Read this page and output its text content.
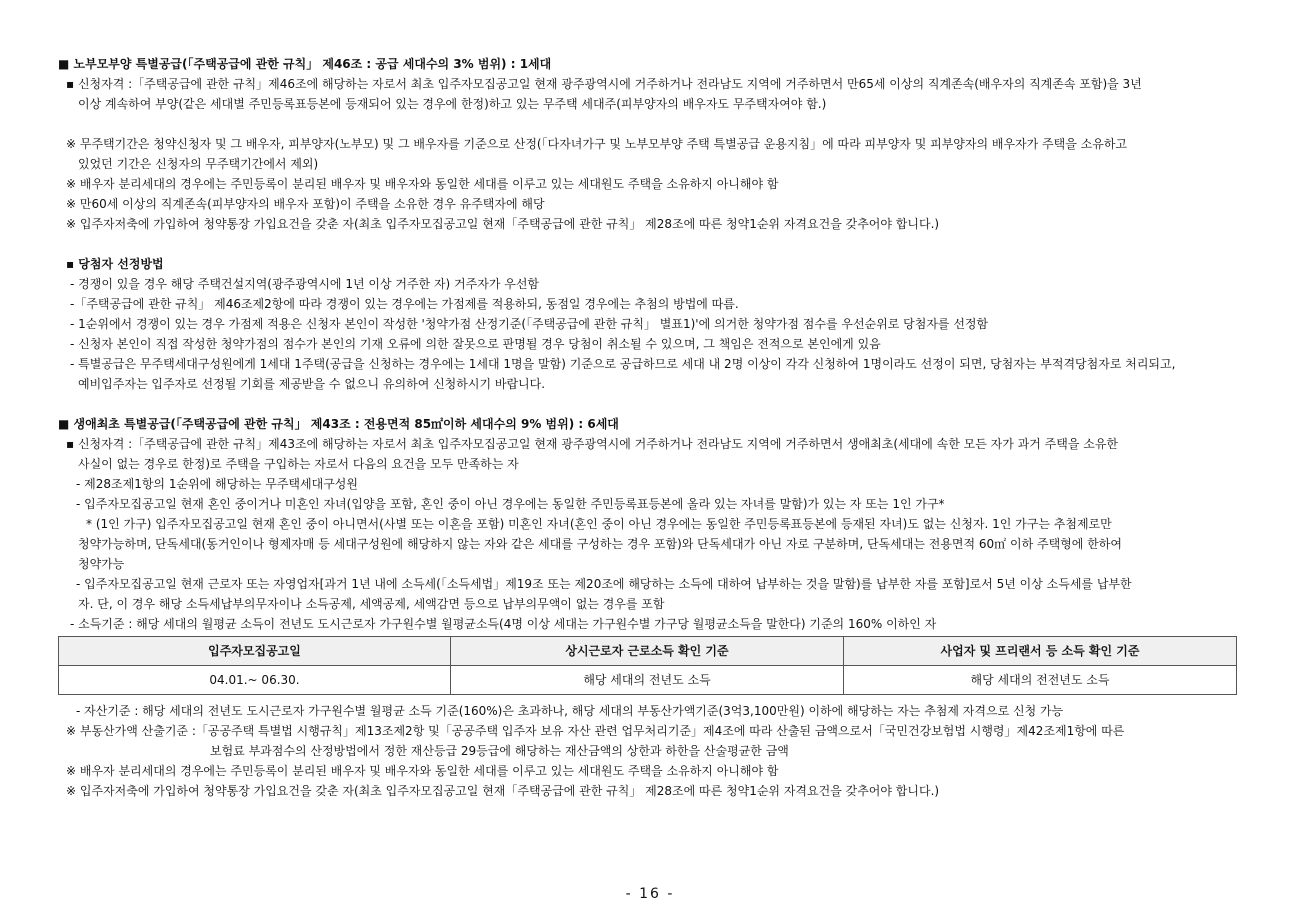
■ 노부모부양 특별공급(「주택공급에 관한 규칙」 제46조 : 공급 세대수의 3% 범위) : 1세대
▪ 신청자격 :「주택공급에 관한 규칙」제46조에 해당하는 자로서 최초 입주자모집공고일 현재 광주광역시에 거주하거나 전라남도 지역에 거주하면서 만65세 이상의 직계존속(배우자의 직계존속 포함)을 3년
이상 계속하여 부양(같은 세대별 주민등록표등본에 등재되어 있는 경우에 한정)하고 있는 무주택 세대주(피부양자의 배우자도 무주택자여야 함.)
※ 무주택기간은 청약신청자 및 그 배우자, 피부양자(노부모) 및 그 배우자를 기준으로 산정(「다자녀가구 및 노부모부양 주택 특별공급 운용지침」에 따라 피부양자 및 피부양자의 배우자가 주택을 소유하고
있었던 기간은 신청자의 무주택기간에서 제외)
※ 배우자 분리세대의 경우에는 주민등록이 분리된 배우자 및 배우자와 동일한 세대를 이루고 있는 세대원도 주택을 소유하지 아니해야 함
※ 만60세 이상의 직계존속(피부양자의 배우자 포함)이 주택을 소유한 경우 유주택자에 해당
※ 입주자저축에 가입하여 청약통장 가입요건을 갖춘 자(최초 입주자모집공고일 현재「주택공급에 관한 규칙」 제28조에 따른 청약1순위 자격요건을 갖추어야 합니다.)
▪ 당첨자 선정방법
- 경쟁이 있을 경우 해당 주택건설지역(광주광역시에 1년 이상 거주한 자) 거주자가 우선함
-「주택공급에 관한 규칙」 제46조제2항에 따라 경쟁이 있는 경우에는 가점제를 적용하되, 동점일 경우에는 추첨의 방법에 따름.
- 1순위에서 경쟁이 있는 경우 가점제 적용은 신청자 본인이 작성한 '청약가점 산정기준(「주택공급에 관한 규칙」 별표1)'에 의거한 청약가점 점수를 우선순위로 당첨자를 선정함
- 신청자 본인이 직접 작성한 청약가점의 점수가 본인의 기재 오류에 의한 잘못으로 판명될 경우 당첨이 취소될 수 있으며, 그 책임은 전적으로 본인에게 있음
- 특별공급은 무주택세대구성원에게 1세대 1주택(공급을 신청하는 경우에는 1세대 1명을 말함) 기준으로 공급하므로 세대 내 2명 이상이 각각 신청하여 1명이라도 선정이 되면, 당첨자는 부적격당첨자로 처리되고,
예비입주자는 입주자로 선정될 기회를 제공받을 수 없으니 유의하여 신청하시기 바랍니다.
■ 생애최초 특별공급(「주택공급에 관한 규칙」 제43조 : 전용면적 85㎡이하 세대수의 9% 범위) : 6세대
▪ 신청자격 :「주택공급에 관한 규칙」제43조에 해당하는 자로서 최초 입주자모집공고일 현재 광주광역시에 거주하거나 전라남도 지역에 거주하면서 생애최초(세대에 속한 모든 자가 과거 주택을 소유한
사실이 없는 경우로 한정)로 주택을 구입하는 자로서 다음의 요건을 모두 만족하는 자
- 제28조제1항의 1순위에 해당하는 무주택세대구성원
- 입주자모집공고일 현재 혼인 중이거나 미혼인 자녀(입양을 포함, 혼인 중이 아닌 경우에는 동일한 주민등록표등본에 올라 있는 자녀를 말함)가 있는 자 또는 1인 가구*
* (1인 가구) 입주자모집공고일 현재 혼인 중이 아니면서(사별 또는 이혼을 포함) 미혼인 자녀(혼인 중이 아닌 경우에는 동일한 주민등록표등본에 등재된 자녀)도 없는 신청자. 1인 가구는 추첨제로만
청약가능하며, 단독세대(동거인이나 형제자매 등 세대구성원에 해당하지 않는 자와 같은 세대를 구성하는 경우 포함)와 단독세대가 아닌 자로 구분하며, 단독세대는 전용면적 60㎡ 이하 주택형에 한하여
청약가능
- 입주자모집공고일 현재 근로자 또는 자영업자[과거 1년 내에 소득세(「소득세법」제19조 또는 제20조에 해당하는 소득에 대하여 납부하는 것을 말함)를 납부한 자를 포함]로서 5년 이상 소득세를 납부한
자. 단, 이 경우 해당 소득세납부의무자이나 소득공제, 세액공제, 세액감면 등으로 납부의무액이 없는 경우를 포함
- 소득기준 : 해당 세대의 월평균 소득이 전년도 도시근로자 가구원수별 월평균소득(4명 이상 세대는 가구원수별 가구당 월평균소득을 말한다) 기준의 160% 이하인 자
입주자모집공고일	상시근로자 근로소득 확인 기준	사업자 및 프리랜서 등 소득 확인 기준
04.01.~ 06.30.	해당 세대의 전년도 소득	해당 세대의 전전년도 소득
- 자산기준 : 해당 세대의 전년도 도시근로자 가구원수별 월평균 소득 기준(160%)은 초과하나, 해당 세대의 부동산가액기준(3억3,100만원) 이하에 해당하는 자는 추첨제 자격으로 신청 가능
※ 부동산가액 산출기준 :「공공주택 특별법 시행규칙」제13조제2항 및「공공주택 입주자 보유 자산 관련 업무처리기준」제4조에 따라 산출된 금액으로서「국민건강보험법 시행령」제42조제1항에 따른
보험료 부과점수의 산정방법에서 정한 재산등급 29등급에 해당하는 재산금액의 상한과 하한을 산술평균한 금액
※ 배우자 분리세대의 경우에는 주민등록이 분리된 배우자 및 배우자와 동일한 세대를 이루고 있는 세대원도 주택을 소유하지 아니해야 함
※ 입주자저축에 가입하여 청약통장 가입요건을 갖춘 자(최초 입주자모집공고일 현재「주택공급에 관한 규칙」 제28조에 따른 청약1순위 자격요건을 갖추어야 합니다.)
- 16 -
